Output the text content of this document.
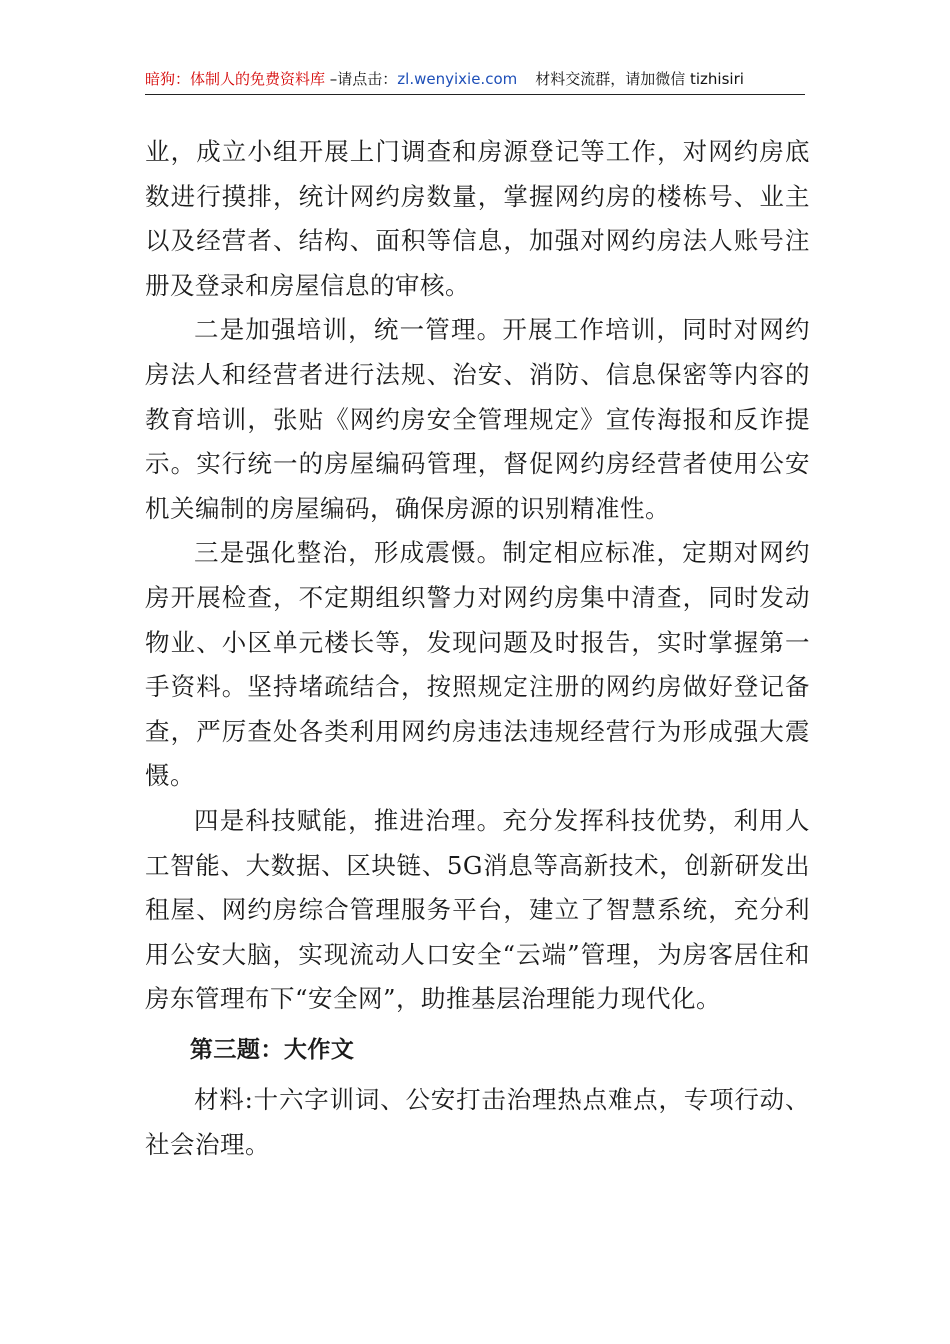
暗狗：体制人的免费资料库 –请点击：zl.wenyixie.com 材料交流群，请加微信 tizhisiri

业，成立小组开展上门调查和房源登记等工作，对网约房底数进行摸排，统计网约房数量，掌握网约房的楼栋号、业主以及经营者、结构、面积等信息，加强对网约房法人账号注册及登录和房屋信息的审核。

二是加强培训，统一管理。开展工作培训，同时对网约房法人和经营者进行法规、治安、消防、信息保密等内容的教育培训，张贴《网约房安全管理规定》宣传海报和反诈提示。实行统一的房屋编码管理，督促网约房经营者使用公安机关编制的房屋编码，确保房源的识别精准性。

三是强化整治，形成震慑。制定相应标准，定期对网约房开展检查，不定期组织警力对网约房集中清查，同时发动物业、小区单元楼长等，发现问题及时报告，实时掌握第一手资料。坚持堵疏结合，按照规定注册的网约房做好登记备查，严厉查处各类利用网约房违法违规经营行为形成强大震慑。

四是科技赋能，推进治理。充分发挥科技优势，利用人工智能、大数据、区块链、5G消息等高新技术，创新研发出租屋、网约房综合管理服务平台，建立了智慧系统，充分利用公安大脑，实现流动人口安全“云端”管理，为房客居住和房东管理布下“安全网”，助推基层治理能力现代化。

第三题：大作文

材料:十六字训词、公安打击治理热点难点，专项行动、社会治理。
